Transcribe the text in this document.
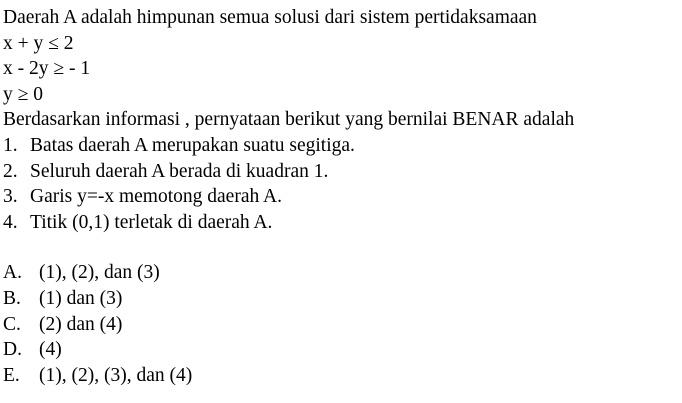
Daerah A adalah himpunan semua solusi dari sistem pertidaksamaan
x + y ≤ 2
x - 2y ≥ - 1
y ≥ 0
Berdasarkan informasi , pernyataan berikut yang bernilai BENAR adalah
1. Batas daerah A merupakan suatu segitiga.
2. Seluruh daerah A berada di kuadran 1.
3. Garis y=-x memotong daerah A.
4. Titik (0,1) terletak di daerah A.
A. (1), (2), dan (3)
B. (1) dan (3)
C. (2) dan (4)
D. (4)
E. (1), (2), (3), dan (4)
